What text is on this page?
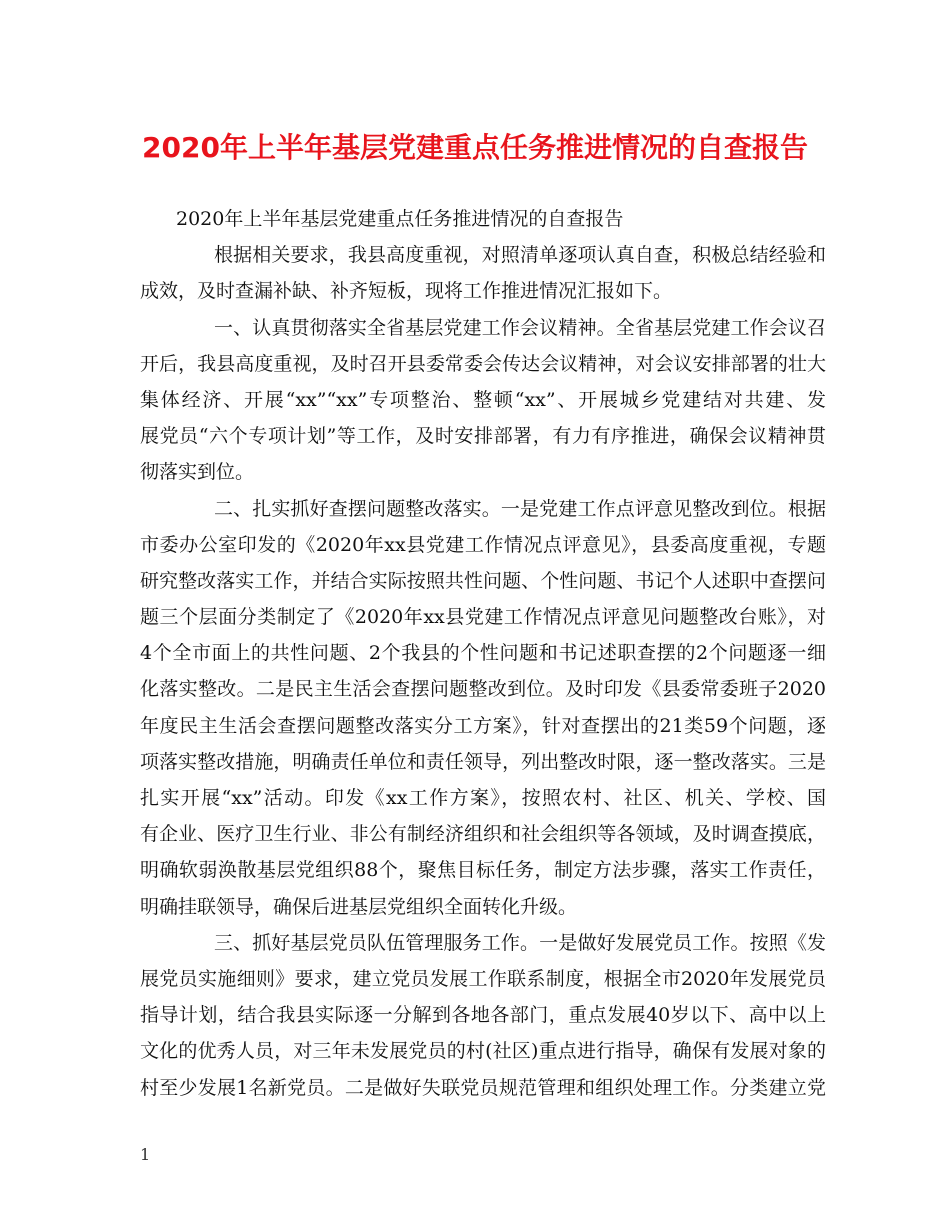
2020年上半年基层党建重点任务推进情况的自查报告
2020年上半年基层党建重点任务推进情况的自查报告
根据相关要求，我县高度重视，对照清单逐项认真自查，积极总结经验和
成效，及时查漏补缺、补齐短板，现将工作推进情况汇报如下。
一、认真贯彻落实全省基层党建工作会议精神。全省基层党建工作会议召
开后，我县高度重视，及时召开县委常委会传达会议精神，对会议安排部署的壮大
集体经济、开展“xx”“xx”专项整治、整顿“xx”、开展城乡党建结对共建、发
展党员“六个专项计划”等工作，及时安排部署，有力有序推进，确保会议精神贯
彻落实到位。
二、扎实抓好查摆问题整改落实。一是党建工作点评意见整改到位。根据
市委办公室印发的《2020年xx县党建工作情况点评意见》，县委高度重视，专题
研究整改落实工作，并结合实际按照共性问题、个性问题、书记个人述职中查摆问
题三个层面分类制定了《2020年xx县党建工作情况点评意见问题整改台账》，对
4个全市面上的共性问题、2个我县的个性问题和书记述职查摆的2个问题逐一细
化落实整改。二是民主生活会查摆问题整改到位。及时印发《县委常委班子2020
年度民主生活会查摆问题整改落实分工方案》，针对查摆出的21类59个问题，逐
项落实整改措施，明确责任单位和责任领导，列出整改时限，逐一整改落实。三是
扎实开展“xx”活动。印发《xx工作方案》，按照农村、社区、机关、学校、国
有企业、医疗卫生行业、非公有制经济组织和社会组织等各领域，及时调查摸底，
明确软弱涣散基层党组织88个，聚焦目标任务，制定方法步骤，落实工作责任，
明确挂联领导，确保后进基层党组织全面转化升级。
三、抓好基层党员队伍管理服务工作。一是做好发展党员工作。按照《发
展党员实施细则》要求，建立党员发展工作联系制度，根据全市2020年发展党员
指导计划，结合我县实际逐一分解到各地各部门，重点发展40岁以下、高中以上
文化的优秀人员，对三年未发展党员的村(社区)重点进行指导，确保有发展对象的
村至少发展1名新党员。二是做好失联党员规范管理和组织处理工作。分类建立党
1
